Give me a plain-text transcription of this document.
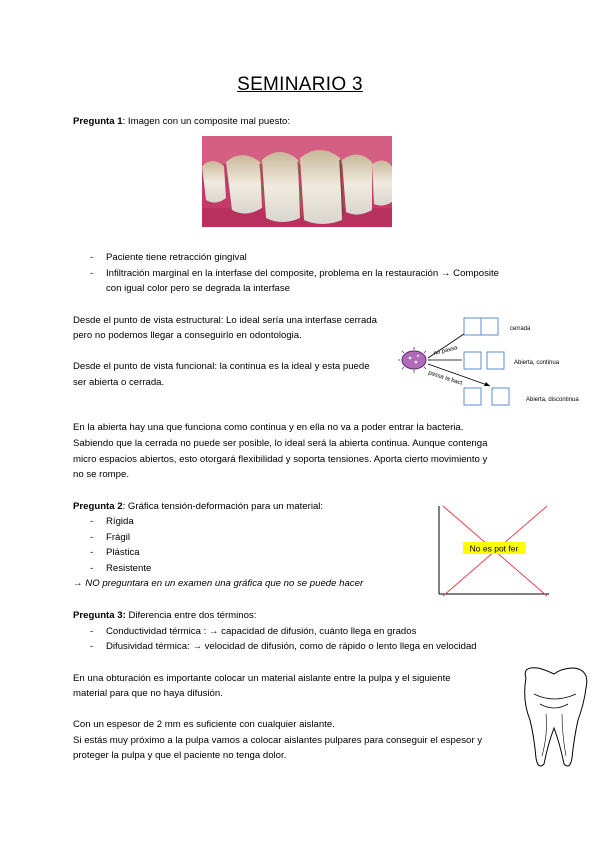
SEMINARIO 3
Pregunta 1: Imagen con un composite mal puesto:
- Paciente tiene retracción gingival
- Infiltración marginal en la interfase del composite, problema en la restauración → Composite
con igual color pero se degrada la interfase
Desde el punto de vista estructural: Lo ideal sería una interfase cerrada
pero no podemos llegar a conseguirlo en odontologia.
Desde el punto de vista funcional: la continua es la ideal y esta puede
ser abierta o cerrada.
cerrada
Abierta, continua
Abierta, discontinua
no passa
passa la bact
En la abierta hay una que funciona como continua y en ella no va a poder entrar la bacteria.
Sabiendo que la cerrada no puede ser posible, lo ideal será la abierta continua. Aunque contenga
micro espacios abiertos, esto otorgará flexibilidad y soporta tensiones. Aporta cierto movimiento y
no se rompe.
Pregunta 2: Gráfica tensión-deformación para un material:
- Rígida
- Frágil
- Plástica
- Resistente
→ NO preguntara en un examen una gráfica que no se puede hacer
No es pot fer
Pregunta 3: Diferencia entre dos términos:
- Conductividad térmica : → capacidad de difusión, cuánto llega en grados
- Difusividad térmica: → velocidad de difusión, como de rápido o lento llega en velocidad
En una obturación es importante colocar un material aislante entre la pulpa y el siguiente
material para que no haya difusión.
Con un espesor de 2 mm es suficiente con cualquier aislante.
Si estás muy próximo a la pulpa vamos a colocar aislantes pulpares para conseguir el espesor y
proteger la pulpa y que el paciente no tenga dolor.
